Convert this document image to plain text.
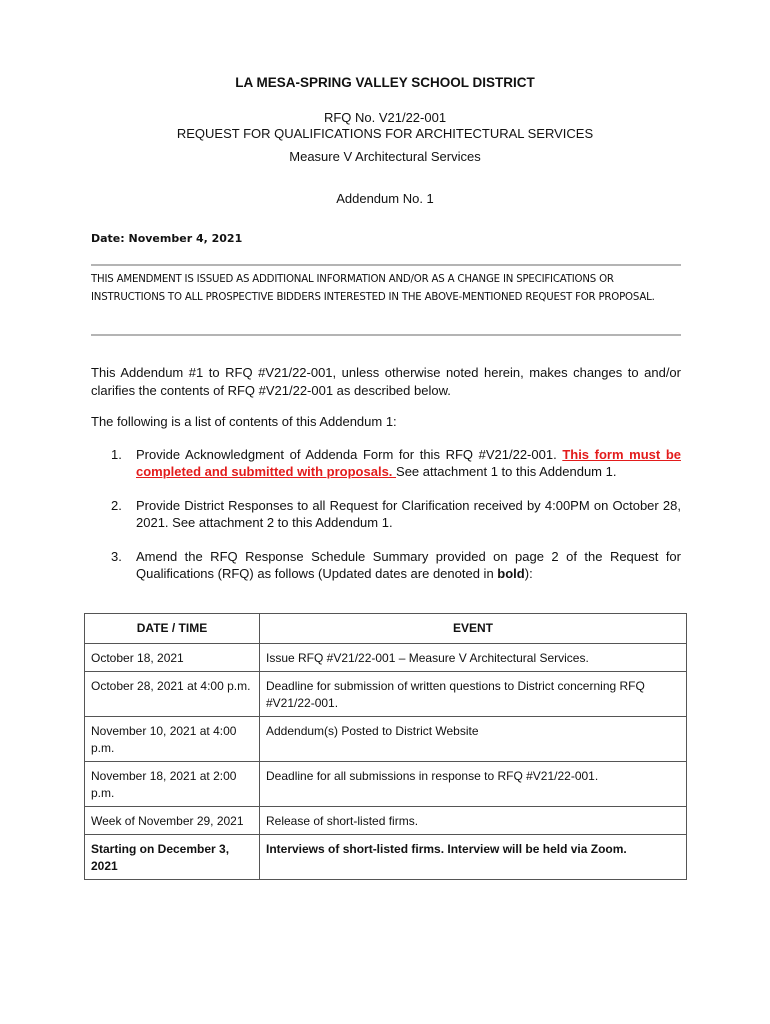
LA MESA-SPRING VALLEY SCHOOL DISTRICT
RFQ No. V21/22-001
REQUEST FOR QUALIFICATIONS FOR ARCHITECTURAL SERVICES
Measure V Architectural Services
Addendum No. 1
Date: November 4, 2021
THIS AMENDMENT IS ISSUED AS ADDITIONAL INFORMATION AND/OR AS A CHANGE IN SPECIFICATIONS OR INSTRUCTIONS TO ALL PROSPECTIVE BIDDERS INTERESTED IN THE ABOVE-MENTIONED REQUEST FOR PROPOSAL.
This Addendum #1 to RFQ #V21/22-001, unless otherwise noted herein, makes changes to and/or clarifies the contents of RFQ #V21/22-001 as described below.
The following is a list of contents of this Addendum 1:
1.	Provide Acknowledgment of Addenda Form for this RFQ #V21/22-001. This form must be completed and submitted with proposals. See attachment 1 to this Addendum 1.
2.	Provide District Responses to all Request for Clarification received by 4:00PM on October 28, 2021. See attachment 2 to this Addendum 1.
3.	Amend the RFQ Response Schedule Summary provided on page 2 of the Request for Qualifications (RFQ) as follows (Updated dates are denoted in bold):
DATE / TIME	EVENT
October 18, 2021	Issue RFQ #V21/22-001 – Measure V Architectural Services.
October 28, 2021 at 4:00 p.m.	Deadline for submission of written questions to District concerning RFQ #V21/22-001.
November 10, 2021 at 4:00 p.m.	Addendum(s) Posted to District Website
November 18, 2021 at 2:00 p.m.	Deadline for all submissions in response to RFQ #V21/22-001.
Week of November 29, 2021	Release of short-listed firms.
Starting on December 3, 2021	Interviews of short-listed firms. Interview will be held via Zoom.
